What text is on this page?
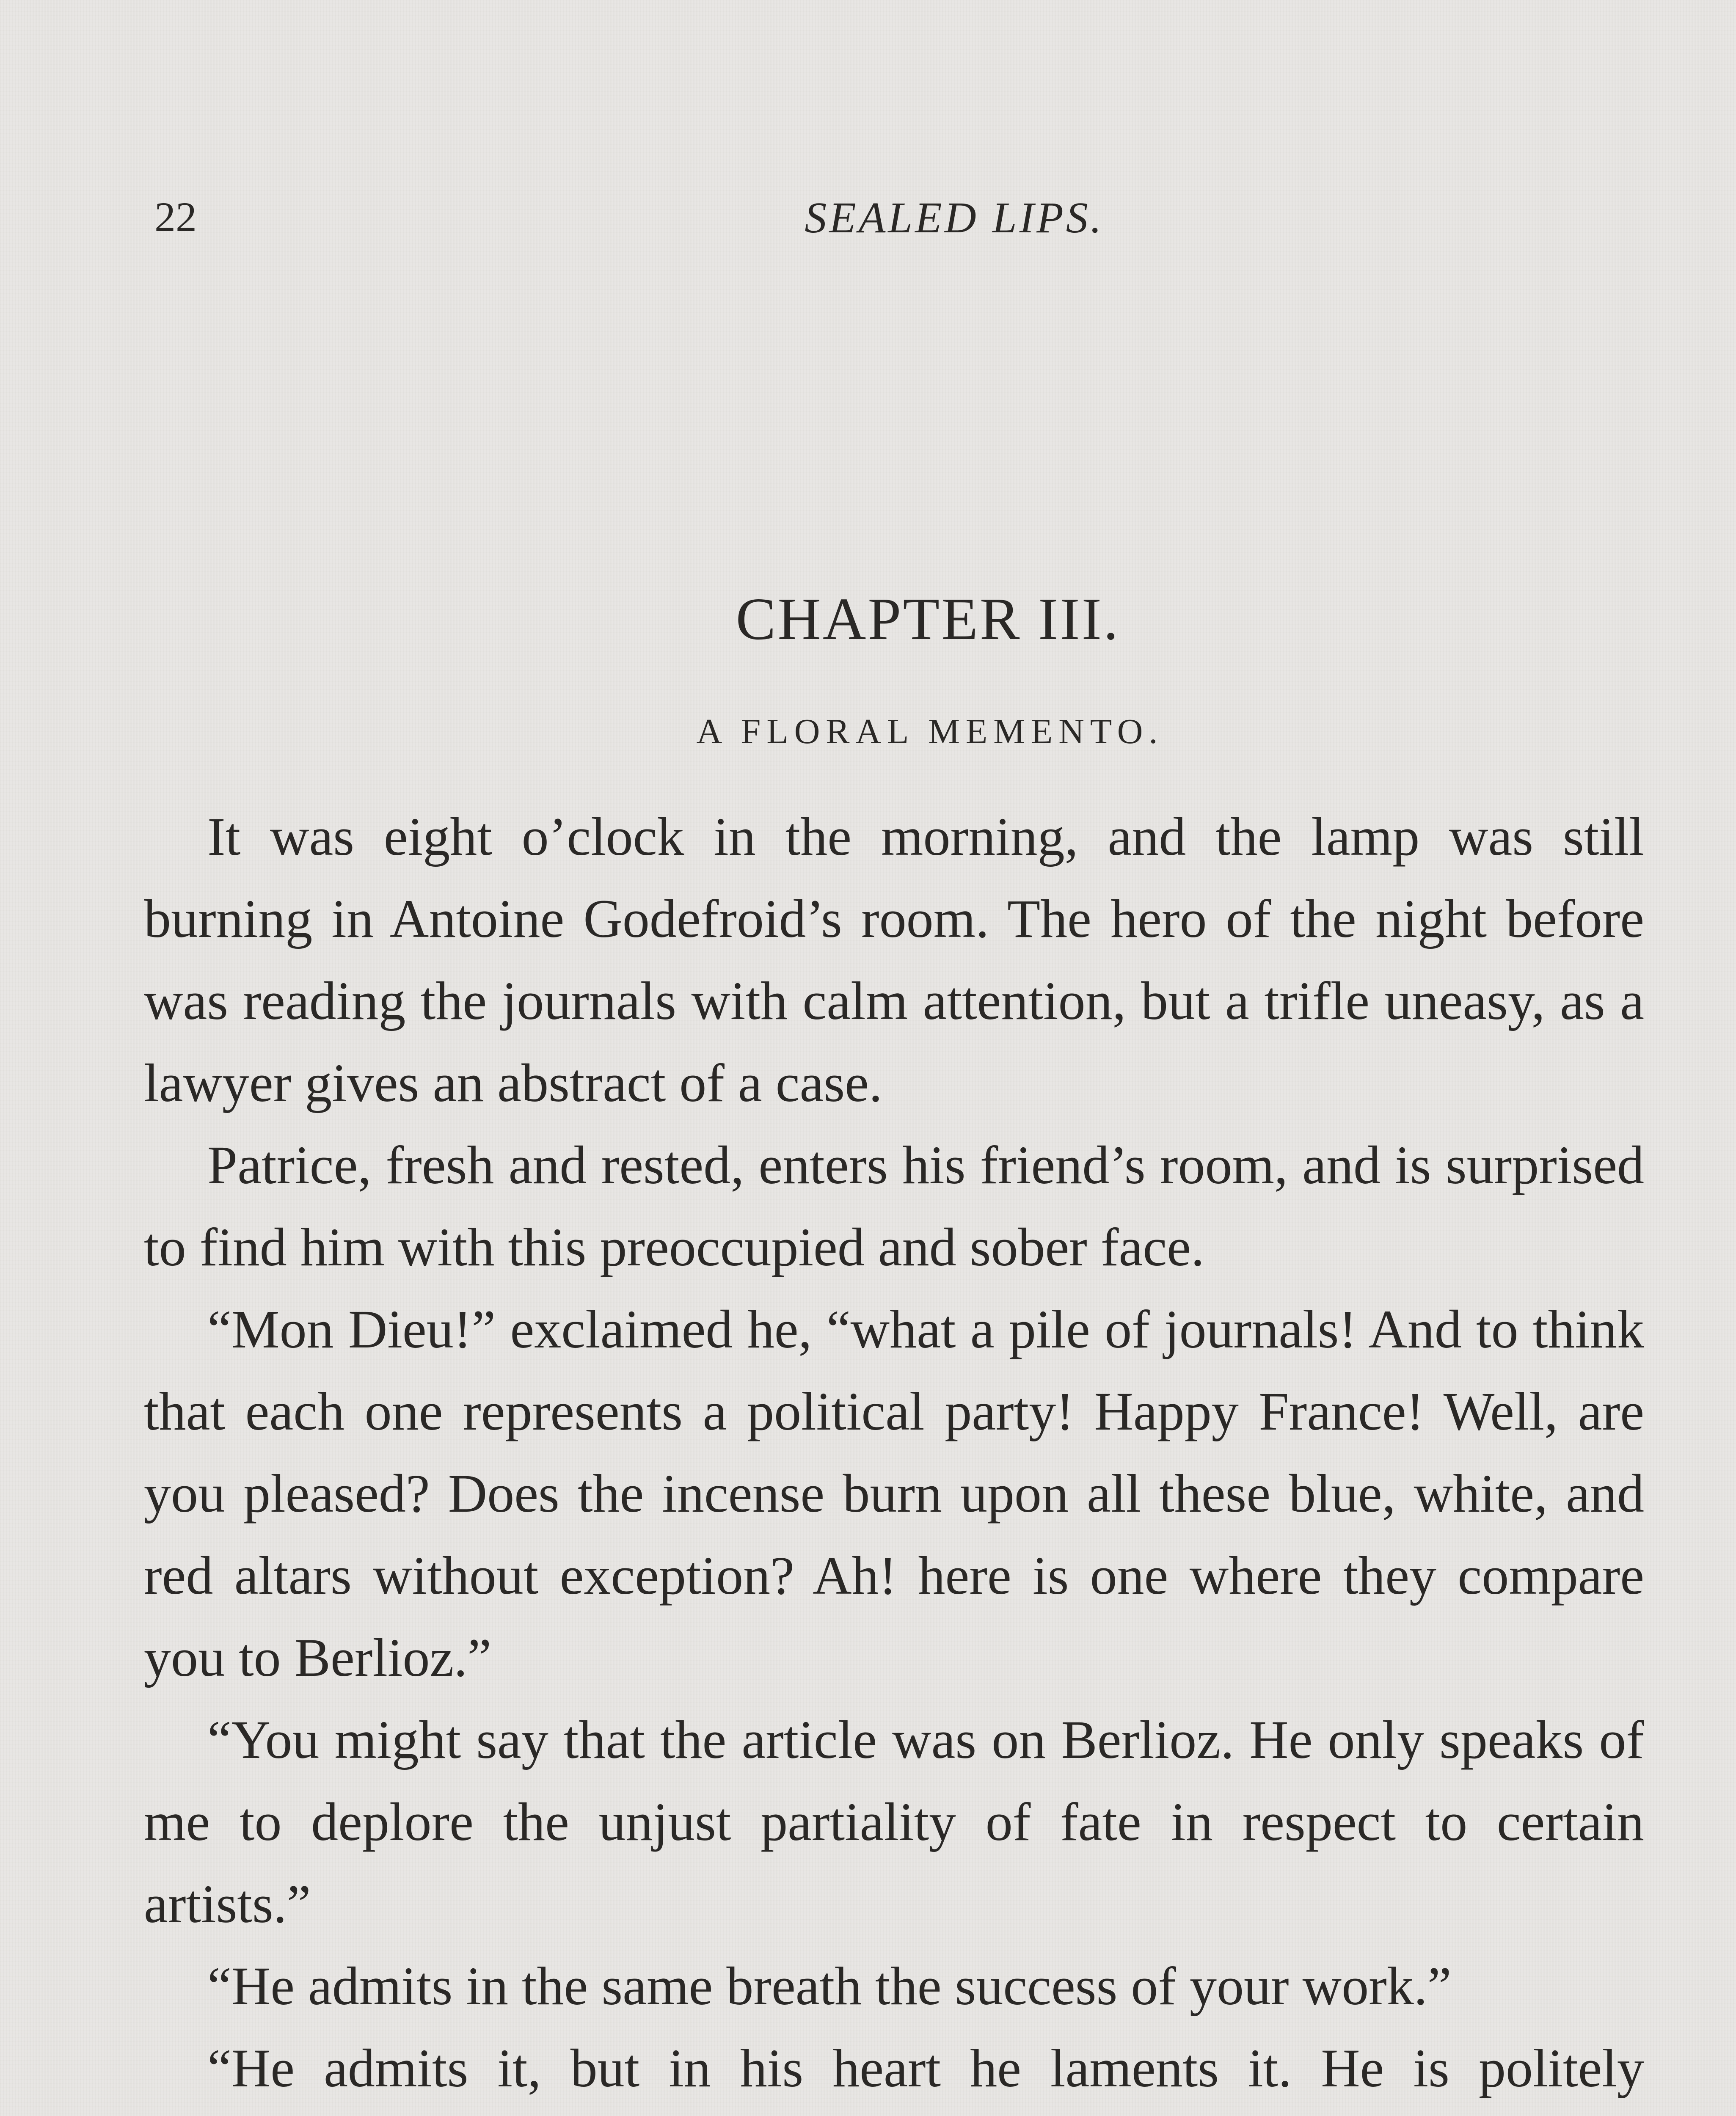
22	SEALED LIPS.
CHAPTER III.
A FLORAL MEMENTO.

It was eight o’clock in the morning, and the lamp was still burning in Antoine Godefroid’s room. The hero of the night before was reading the journals with calm attention, but a trifle uneasy, as a lawyer gives an abstract of a case.

Patrice, fresh and rested, enters his friend’s room, and is surprised to find him with this preoccupied and sober face.

“Mon Dieu!” exclaimed he, “what a pile of journals! And to think that each one represents a political party! Happy France! Well, are you pleased? Does the incense burn upon all these blue, white, and red altars without exception? Ah! here is one where they compare you to Berlioz.”

“You might say that the article was on Berlioz. He only speaks of me to deplore the unjust partiality of fate in respect to certain artists.”

“He admits in the same breath the success of your work.”

“He admits it, but in his heart he laments it. He is politely
